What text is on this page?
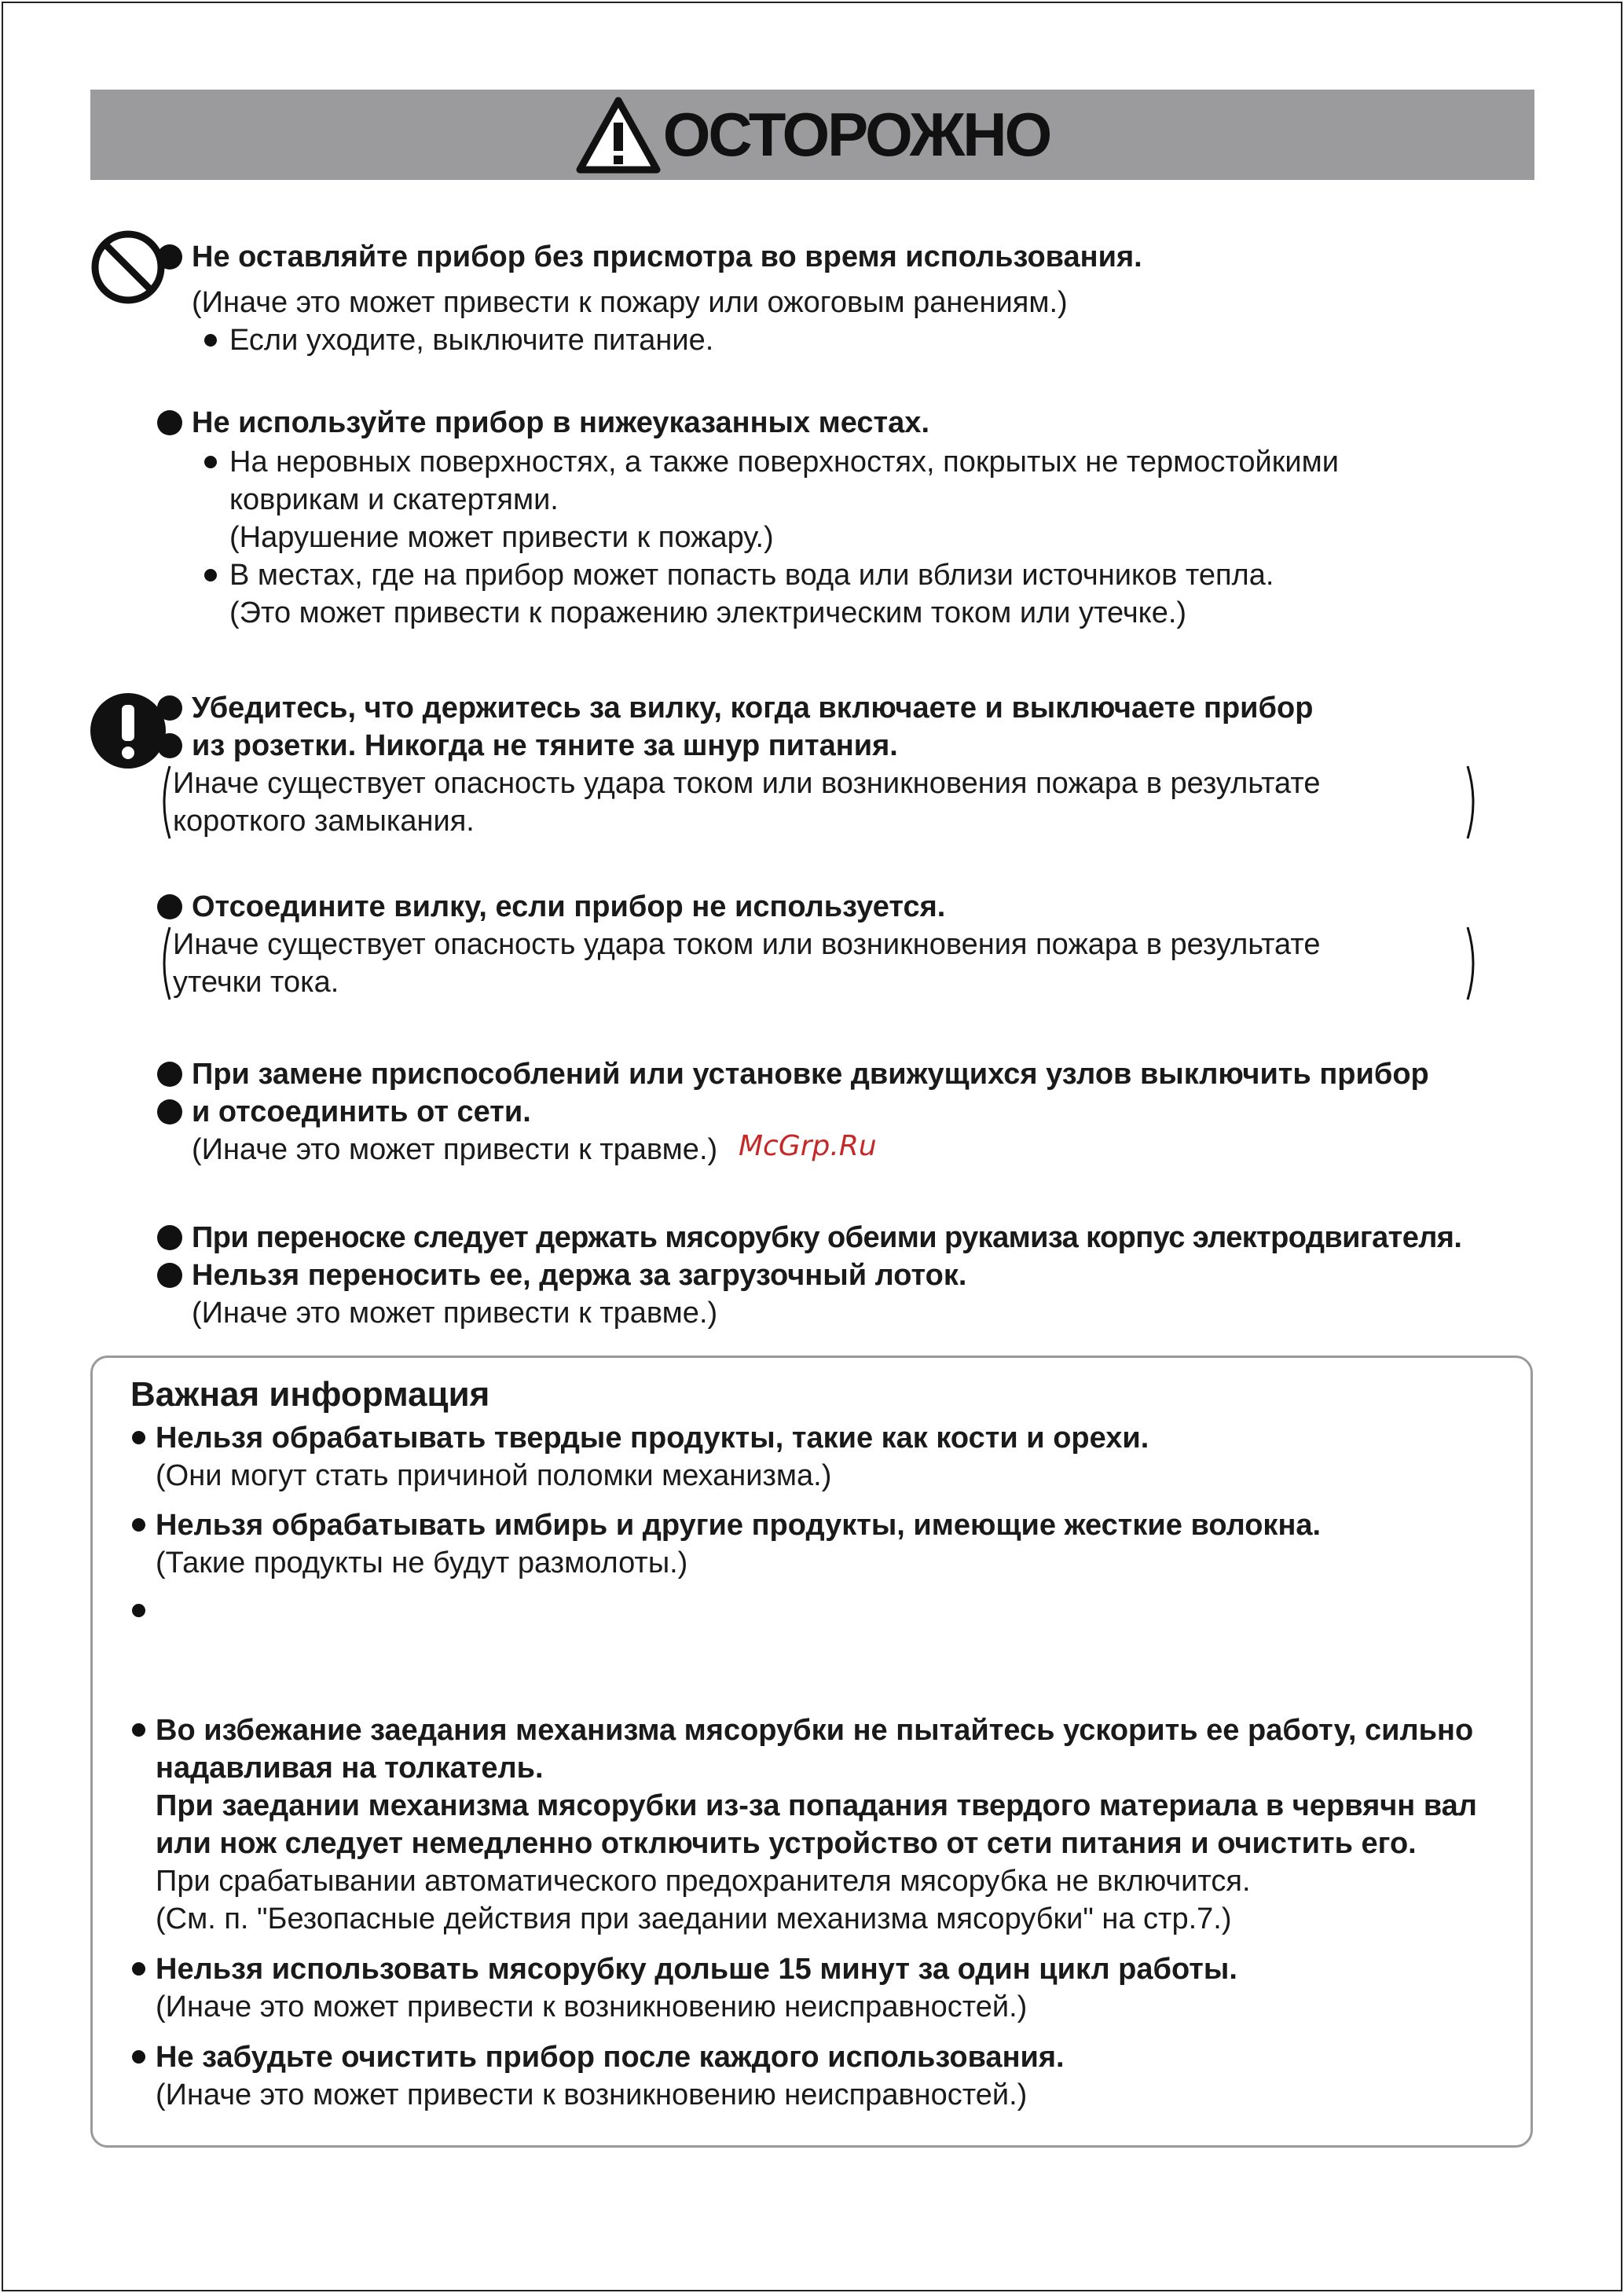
ОСТОРОЖНО
Не оставляйте прибор без присмотра во время использования.
(Иначе это может привести к пожару или ожоговым ранениям.)
Если уходите, выключите питание.
Не используйте прибор в нижеуказанных местах.
На неровных поверхностях, а также поверхностях, покрытых не термостойкими
коврикам и скатертями.
(Нарушение может привести к пожару.)
В местах, где на прибор может попасть вода или вблизи источников тепла.
(Это может привести к поражению электрическим током или утечке.)
Убедитесь, что держитесь за вилку, когда включаете и выключаете прибор
из розетки. Никогда не тяните за шнур питания.
Иначе существует опасность удара током или возникновения пожара в результате
короткого замыкания.
Отсоедините вилку, если прибор не используется.
Иначе существует опасность удара током или возникновения пожара в результате
утечки тока.
При замене приспособлений или установке движущихся узлов выключить прибор
и отсоединить от сети.
(Иначе это может привести к травме.)
При переноске следует держать мясорубку обеими рукамиза корпус электродвигателя.
Нельзя переносить ее, держа за загрузочный лоток.
(Иначе это может привести к травме.)
Важная информация
Нельзя обрабатывать твердые продукты, такие как кости и орехи.
(Они могут стать причиной поломки механизма.)
Нельзя обрабатывать имбирь и другие продукты, имеющие жесткие волокна.
(Такие продукты не будут размолоты.)
Во избежание заедания механизма мясорубки не пытайтесь ускорить ее работу, сильно
надавливая на толкатель.
При заедании механизма мясорубки из-за попадания твердого материала в червячн вал
или нож следует немедленно отключить устройство от сети питания и очистить его.
При срабатывании автоматического предохранителя мясорубка не включится.
(См. п. "Безопасные действия при заедании механизма мясорубки" на стр.7.)
Нельзя использовать мясорубку дольше 15 минут за один цикл работы.
(Иначе это может привести к возникновению неисправностей.)
Не забудьте очистить прибор после каждого использования.
(Иначе это может привести к возникновению неисправностей.)
McGrp.Ru
